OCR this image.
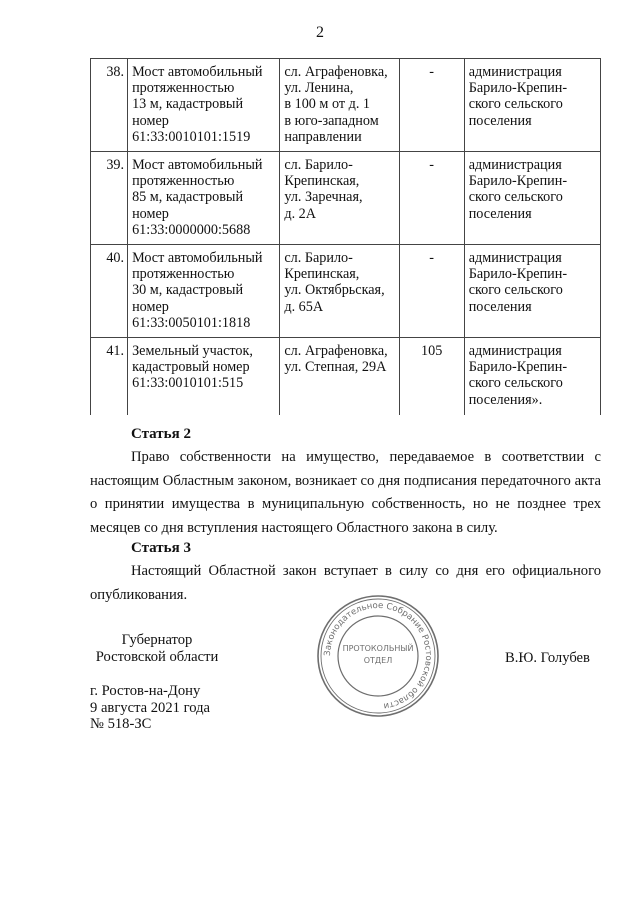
2
38.	Мост автомобильный
протяженностью
13 м, кадастровый
номер
61:33:0010101:1519	сл. Аграфеновка,
ул. Ленина,
в 100 м от д. 1
в юго-западном
направлении	-	администрация
Барило-Крепин-
ского сельского
поселения
39.	Мост автомобильный
протяженностью
85 м, кадастровый
номер
61:33:0000000:5688	сл. Барило-
Крепинская,
ул. Заречная,
д. 2А	-	администрация
Барило-Крепин-
ского сельского
поселения
40.	Мост автомобильный
протяженностью
30 м, кадастровый
номер
61:33:0050101:1818	сл. Барило-
Крепинская,
ул. Октябрьская,
д. 65А	-	администрация
Барило-Крепин-
ского сельского
поселения
41.	Земельный участок,
кадастровый номер
61:33:0010101:515	сл. Аграфеновка,
ул. Степная, 29А	105	администрация
Барило-Крепин-
ского сельского
поселения».
Статья 2
Право собственности на имущество, передаваемое в соответствии с настоящим Областным законом, возникает со дня подписания передаточного акта о принятии имущества в муниципальную собственность, но не позднее трех месяцев со дня вступления настоящего Областного закона в силу.
Статья 3
Настоящий Областной закон вступает в силу со дня его официального опубликования.
Губернатор
Ростовской области	Законодательное Собрание Ростовской области
ПРОТОКОЛЬНЫЙ
ОТДЕЛ	В.Ю. Голубев
г. Ростов-на-Дону
9 августа 2021 года
№ 518-ЗС
